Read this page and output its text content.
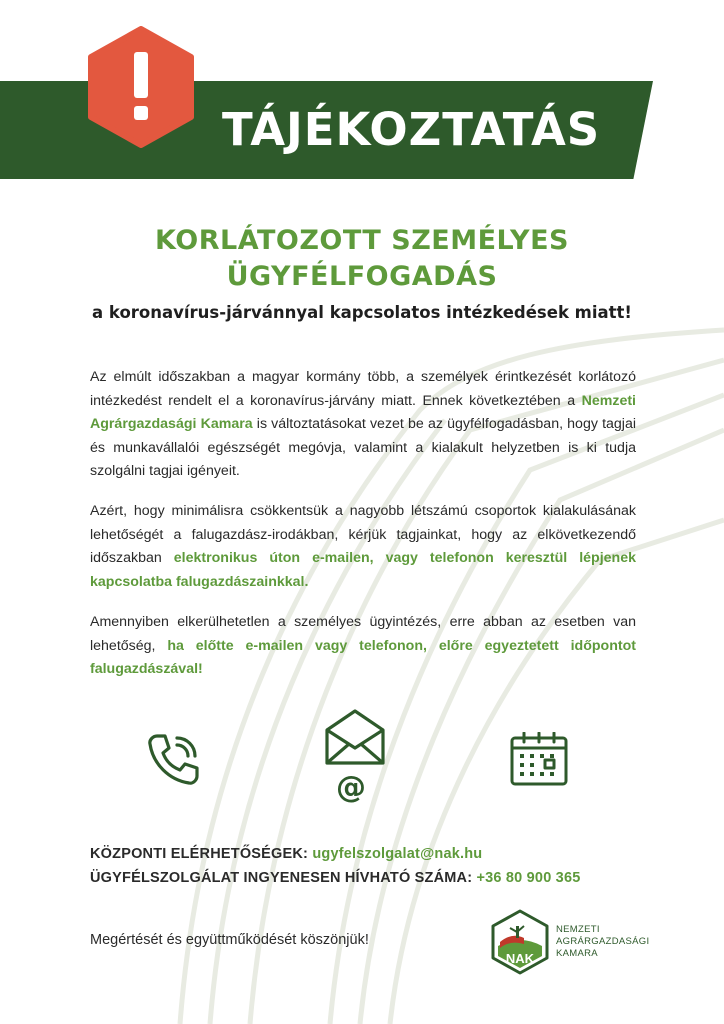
TÁJÉKOZTATÁS
KORLÁTOZOTT SZEMÉLYES
ÜGYFÉLFOGADÁS
a koronavírus-járvánnyal kapcsolatos intézkedések miatt!
Az elmúlt időszakban a magyar kormány több, a személyek érintkezését korlátozó intézkedést rendelt el a koronavírus-járvány miatt. Ennek következtében a Nemzeti Agrárgazdasági Kamara is változtatásokat vezet be az ügyfélfogadásban, hogy tagjai és munkavállalói egészségét megóvja, valamint a kialakult helyzetben is ki tudja szolgálni tagjai igényeit.
Azért, hogy minimálisra csökkentsük a nagyobb létszámú csoportok kialakulásának lehetőségét a falugazdász-irodákban, kérjük tagjainkat, hogy az elkövetkezendő időszakban elektronikus úton e-mailen, vagy telefonon keresztül lépjenek kapcsolatba falugazdászainkkal.
Amennyiben elkerülhetetlen a személyes ügyintézés, erre abban az esetben van lehetőség, ha előtte e-mailen vagy telefonon, előre egyeztetett időpontot falugazdászával!
@
KÖZPONTI ELÉRHETŐSÉGEK: ugyfelszolgalat@nak.hu
ÜGYFÉLSZOLGÁLAT INGYENESEN HÍVHATÓ SZÁMA: +36 80 900 365
Megértését és együttműködését köszönjük!
NAK
NEMZETI
AGRÁRGAZDASÁGI
KAMARA
